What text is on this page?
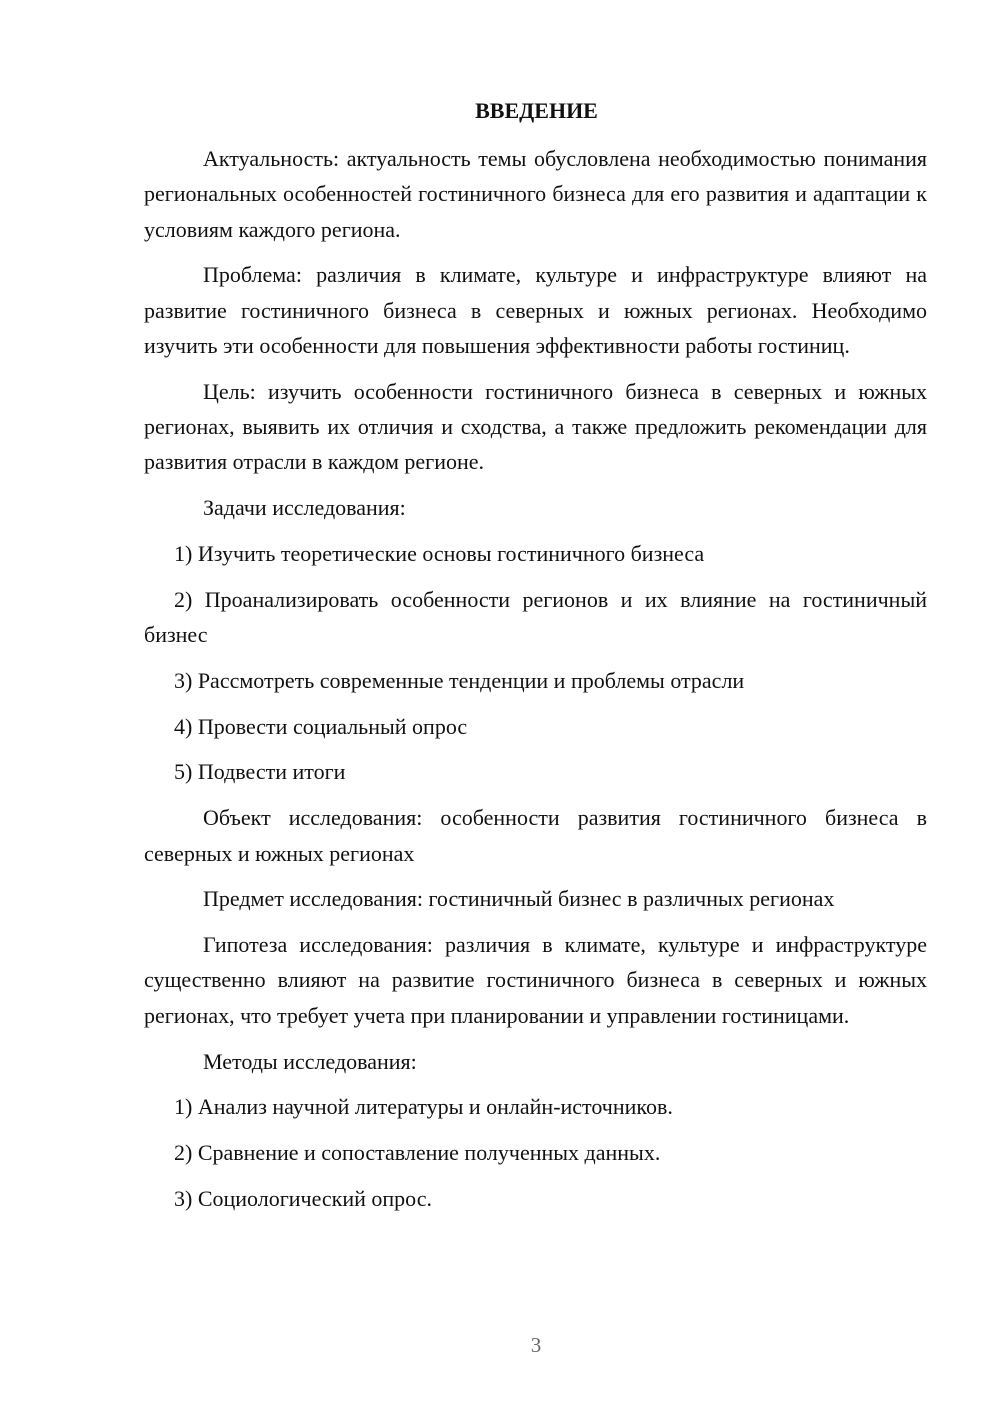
ВВЕДЕНИЕ

Актуальность: актуальность темы обусловлена необходимостью понимания региональных особенностей гостиничного бизнеса для его развития и адаптации к условиям каждого региона.

Проблема: различия в климате, культуре и инфраструктуре влияют на развитие гостиничного бизнеса в северных и южных регионах. Необходимо изучить эти особенности для повышения эффективности работы гостиниц.

Цель: изучить особенности гостиничного бизнеса в северных и южных регионах, выявить их отличия и сходства, а также предложить рекомендации для развития отрасли в каждом регионе.

Задачи исследования:

1) Изучить теоретические основы гостиничного бизнеса

2) Проанализировать особенности регионов и их влияние на гостиничный бизнес

3) Рассмотреть современные тенденции и проблемы отрасли

4) Провести социальный опрос

5) Подвести итоги

Объект исследования: особенности развития гостиничного бизнеса в северных и южных регионах

Предмет исследования: гостиничный бизнес в различных регионах

Гипотеза исследования: различия в климате, культуре и инфраструктуре существенно влияют на развитие гостиничного бизнеса в северных и южных регионах, что требует учета при планировании и управлении гостиницами.

Методы исследования:

1) Анализ научной литературы и онлайн-источников.

2) Сравнение и сопоставление полученных данных.

3) Социологический опрос.

3
